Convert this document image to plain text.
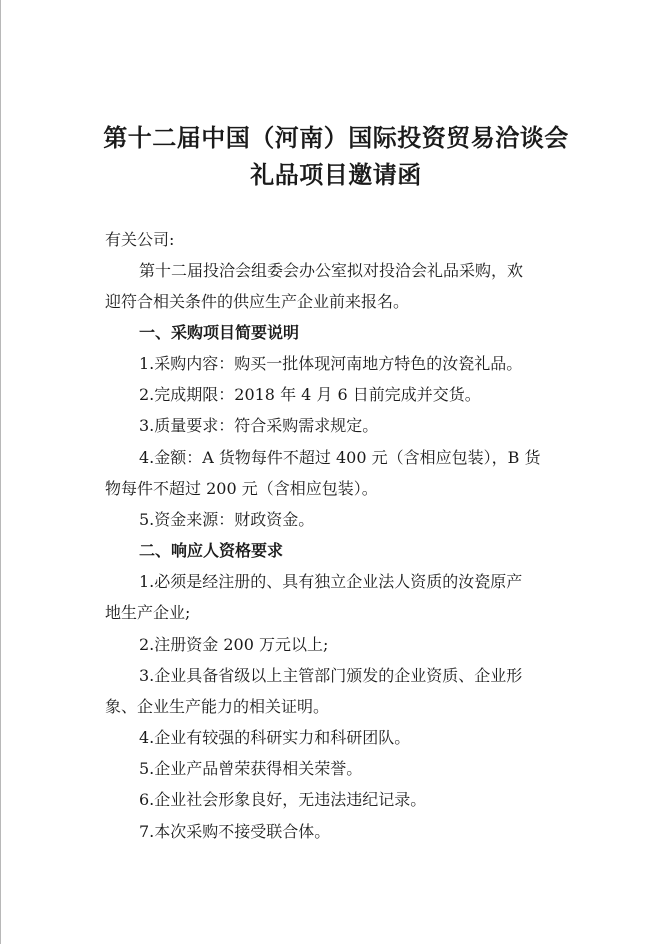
第十二届中国（河南）国际投资贸易洽谈会
礼品项目邀请函
有关公司:
第十二届投洽会组委会办公室拟对投洽会礼品采购，欢
迎符合相关条件的供应生产企业前来报名。
一、采购项目简要说明
1.采购内容：购买一批体现河南地方特色的汝瓷礼品。
2.完成期限：2018 年 4 月 6 日前完成并交货。
3.质量要求：符合采购需求规定。
4.金额：A 货物每件不超过 400 元（含相应包装），B 货
物每件不超过 200 元（含相应包装）。
5.资金来源：财政资金。
二、响应人资格要求
1.必须是经注册的、具有独立企业法人资质的汝瓷原产
地生产企业;
2.注册资金 200 万元以上;
3.企业具备省级以上主管部门颁发的企业资质、企业形
象、企业生产能力的相关证明。
4.企业有较强的科研实力和科研团队。
5.企业产品曾荣获得相关荣誉。
6.企业社会形象良好，无违法违纪记录。
7.本次采购不接受联合体。
